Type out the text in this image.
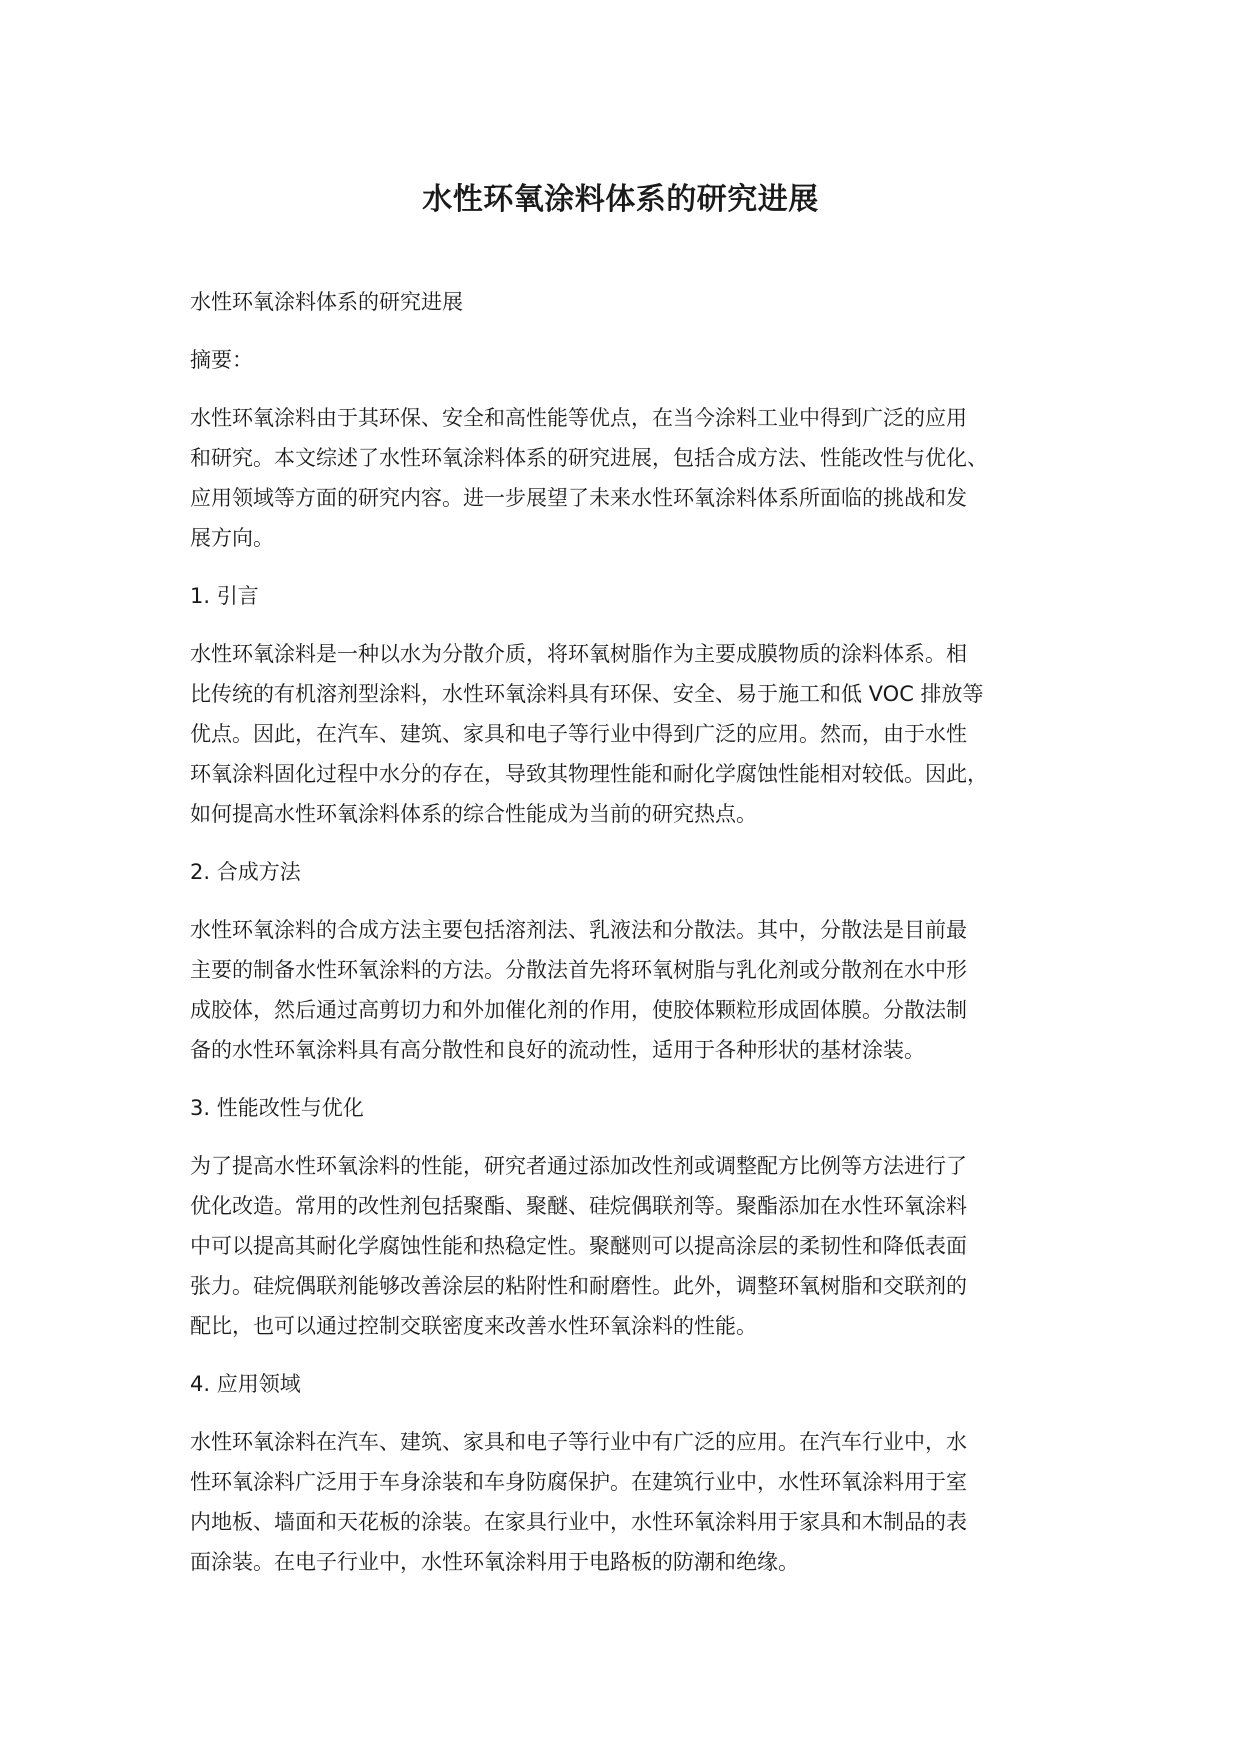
水性环氧涂料体系的研究进展

水性环氧涂料体系的研究进展

摘要：

水性环氧涂料由于其环保、安全和高性能等优点，在当今涂料工业中得到广泛的应用
和研究。本文综述了水性环氧涂料体系的研究进展，包括合成方法、性能改性与优化、
应用领域等方面的研究内容。进一步展望了未来水性环氧涂料体系所面临的挑战和发
展方向。

1. 引言

水性环氧涂料是一种以水为分散介质，将环氧树脂作为主要成膜物质的涂料体系。相
比传统的有机溶剂型涂料，水性环氧涂料具有环保、安全、易于施工和低 VOC 排放等
优点。因此，在汽车、建筑、家具和电子等行业中得到广泛的应用。然而，由于水性
环氧涂料固化过程中水分的存在，导致其物理性能和耐化学腐蚀性能相对较低。因此，
如何提高水性环氧涂料体系的综合性能成为当前的研究热点。

2. 合成方法

水性环氧涂料的合成方法主要包括溶剂法、乳液法和分散法。其中，分散法是目前最
主要的制备水性环氧涂料的方法。分散法首先将环氧树脂与乳化剂或分散剂在水中形
成胶体，然后通过高剪切力和外加催化剂的作用，使胶体颗粒形成固体膜。分散法制
备的水性环氧涂料具有高分散性和良好的流动性，适用于各种形状的基材涂装。

3. 性能改性与优化

为了提高水性环氧涂料的性能，研究者通过添加改性剂或调整配方比例等方法进行了
优化改造。常用的改性剂包括聚酯、聚醚、硅烷偶联剂等。聚酯添加在水性环氧涂料
中可以提高其耐化学腐蚀性能和热稳定性。聚醚则可以提高涂层的柔韧性和降低表面
张力。硅烷偶联剂能够改善涂层的粘附性和耐磨性。此外，调整环氧树脂和交联剂的
配比，也可以通过控制交联密度来改善水性环氧涂料的性能。

4. 应用领域

水性环氧涂料在汽车、建筑、家具和电子等行业中有广泛的应用。在汽车行业中，水
性环氧涂料广泛用于车身涂装和车身防腐保护。在建筑行业中，水性环氧涂料用于室
内地板、墙面和天花板的涂装。在家具行业中，水性环氧涂料用于家具和木制品的表
面涂装。在电子行业中，水性环氧涂料用于电路板的防潮和绝缘。
